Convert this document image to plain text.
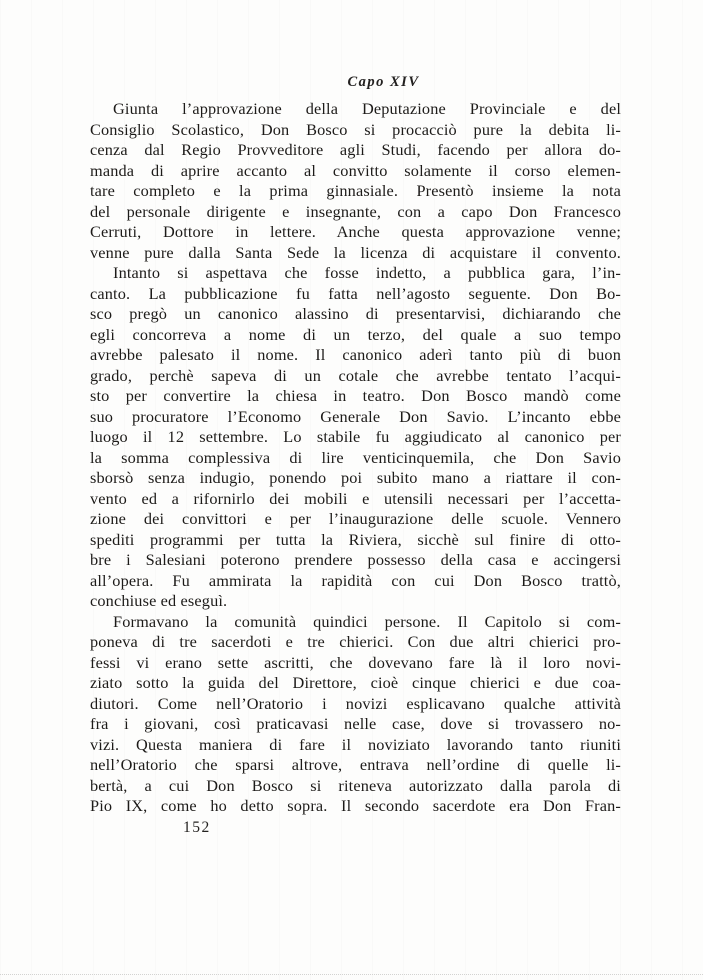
Capo XIV
Giunta l’approvazione della Deputazione Provinciale e del
Consiglio Scolastico, Don Bosco si procacciò pure la debita li-
cenza dal Regio Provveditore agli Studi, facendo per allora do-
manda di aprire accanto al convitto solamente il corso elemen-
tare completo e la prima ginnasiale. Presentò insieme la nota
del personale dirigente e insegnante, con a capo Don Francesco
Cerruti, Dottore in lettere. Anche questa approvazione venne;
venne pure dalla Santa Sede la licenza di acquistare il convento.
Intanto si aspettava che fosse indetto, a pubblica gara, l’in-
canto. La pubblicazione fu fatta nell’agosto seguente. Don Bo-
sco pregò un canonico alassino di presentarvisi, dichiarando che
egli concorreva a nome di un terzo, del quale a suo tempo
avrebbe palesato il nome. Il canonico aderì tanto più di buon
grado, perchè sapeva di un cotale che avrebbe tentato l’acqui-
sto per convertire la chiesa in teatro. Don Bosco mandò come
suo procuratore l’Economo Generale Don Savio. L’incanto ebbe
luogo il 12 settembre. Lo stabile fu aggiudicato al canonico per
la somma complessiva di lire venticinquemila, che Don Savio
sborsò senza indugio, ponendo poi subito mano a riattare il con-
vento ed a rifornirlo dei mobili e utensili necessari per l’accetta-
zione dei convittori e per l’inaugurazione delle scuole. Vennero
spediti programmi per tutta la Riviera, sicchè sul finire di otto-
bre i Salesiani poterono prendere possesso della casa e accingersi
all’opera. Fu ammirata la rapidità con cui Don Bosco trattò,
conchiuse ed eseguì.
Formavano la comunità quindici persone. Il Capitolo si com-
poneva di tre sacerdoti e tre chierici. Con due altri chierici pro-
fessi vi erano sette ascritti, che dovevano fare là il loro novi-
ziato sotto la guida del Direttore, cioè cinque chierici e due coa-
diutori. Come nell’Oratorio i novizi esplicavano qualche attività
fra i giovani, così praticavasi nelle case, dove si trovassero no-
vizi. Questa maniera di fare il noviziato lavorando tanto riuniti
nell’Oratorio che sparsi altrove, entrava nell’ordine di quelle li-
bertà, a cui Don Bosco si riteneva autorizzato dalla parola di
Pio IX, come ho detto sopra. Il secondo sacerdote era Don Fran-
152
